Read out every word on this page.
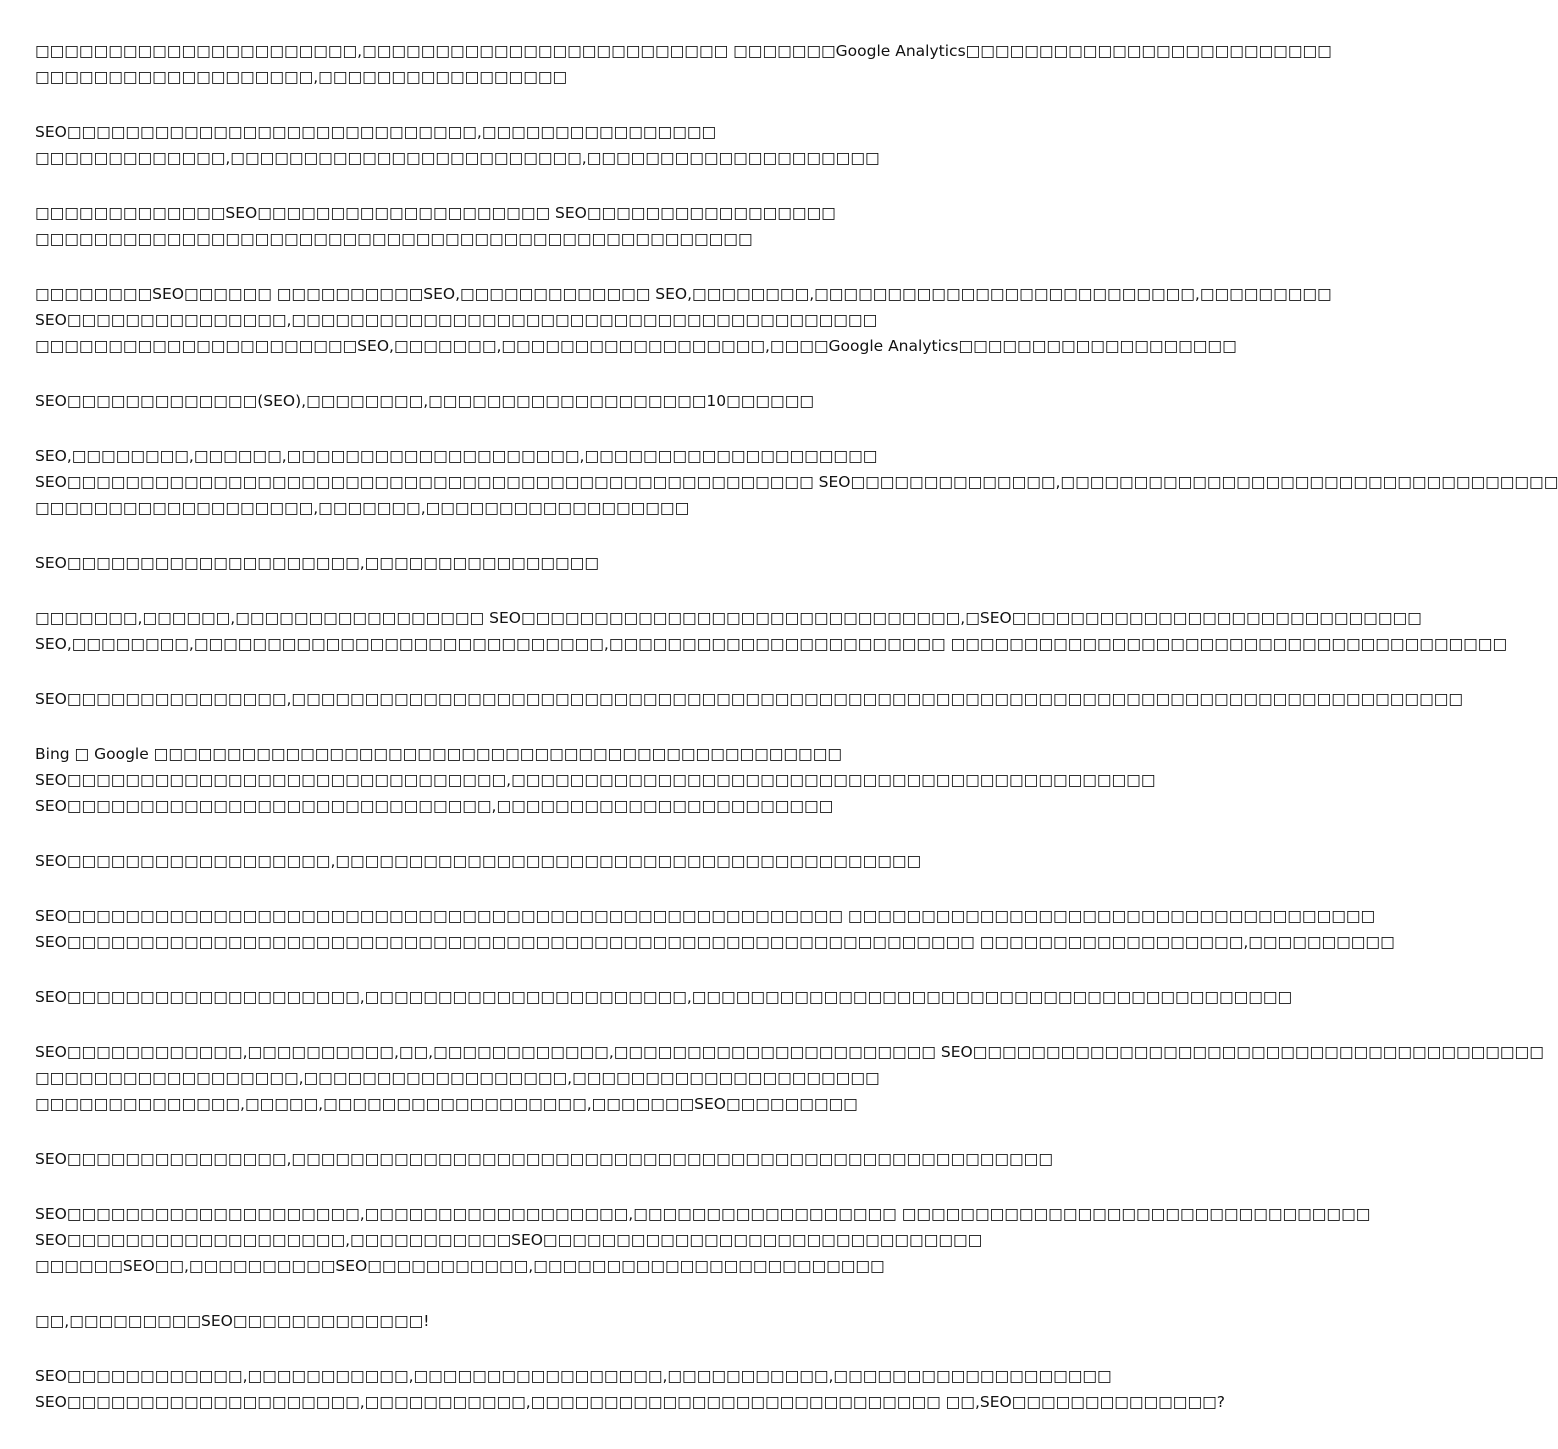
□□□□□□□□□□□□□□□□□□□□□□,□□□□□□□□□□□□□□□□□□□□□□□□□ □□□□□□□Google Analytics□□□□□□□□□□□□□□□□□□□□□□□□□
□□□□□□□□□□□□□□□□□□□,□□□□□□□□□□□□□□□□□

SEO□□□□□□□□□□□□□□□□□□□□□□□□□□□□,□□□□□□□□□□□□□□□□
□□□□□□□□□□□□□,□□□□□□□□□□□□□□□□□□□□□□□□,□□□□□□□□□□□□□□□□□□□□

□□□□□□□□□□□□□SEO□□□□□□□□□□□□□□□□□□□□ SEO□□□□□□□□□□□□□□□□□
□□□□□□□□□□□□□□□□□□□□□□□□□□□□□□□□□□□□□□□□□□□□□□□□□

□□□□□□□□SEO□□□□□□ □□□□□□□□□□SEO,□□□□□□□□□□□□□ SEO,□□□□□□□□,□□□□□□□□□□□□□□□□□□□□□□□□□□,□□□□□□□□□
SEO□□□□□□□□□□□□□□□,□□□□□□□□□□□□□□□□□□□□□□□□□□□□□□□□□□□□□□□□
□□□□□□□□□□□□□□□□□□□□□□SEO,□□□□□□□,□□□□□□□□□□□□□□□□□□,□□□□Google Analytics□□□□□□□□□□□□□□□□□□□

SEO□□□□□□□□□□□□□(SEO),□□□□□□□□,□□□□□□□□□□□□□□□□□□□10□□□□□□

SEO,□□□□□□□□,□□□□□□,□□□□□□□□□□□□□□□□□□□□,□□□□□□□□□□□□□□□□□□□□
SEO□□□□□□□□□□□□□□□□□□□□□□□□□□□□□□□□□□□□□□□□□□□□□□□□□□□ SEO□□□□□□□□□□□□□□,□□□□□□□□□□□□□□□□□□□□□□□□□□□□□□□□□□
□□□□□□□□□□□□□□□□□□□,□□□□□□□,□□□□□□□□□□□□□□□□□□

SEO□□□□□□□□□□□□□□□□□□□□,□□□□□□□□□□□□□□□□

□□□□□□□,□□□□□□,□□□□□□□□□□□□□□□□□ SEO□□□□□□□□□□□□□□□□□□□□□□□□□□□□□□,□SEO□□□□□□□□□□□□□□□□□□□□□□□□□□□□
SEO,□□□□□□□□,□□□□□□□□□□□□□□□□□□□□□□□□□□□□,□□□□□□□□□□□□□□□□□□□□□□□ □□□□□□□□□□□□□□□□□□□□□□□□□□□□□□□□□□□□□□

SEO□□□□□□□□□□□□□□□,□□□□□□□□□□□□□□□□□□□□□□□□□□□□□□□□□□□□□□□□□□□□□□□□□□□□□□□□□□□□□□□□□□□□□□□□□□□□□□□□

Bing □ Google □□□□□□□□□□□□□□□□□□□□□□□□□□□□□□□□□□□□□□□□□□□□□□□
SEO□□□□□□□□□□□□□□□□□□□□□□□□□□□□□□,□□□□□□□□□□□□□□□□□□□□□□□□□□□□□□□□□□□□□□□□□□□□
SEO□□□□□□□□□□□□□□□□□□□□□□□□□□□□□,□□□□□□□□□□□□□□□□□□□□□□□

SEO□□□□□□□□□□□□□□□□□□,□□□□□□□□□□□□□□□□□□□□□□□□□□□□□□□□□□□□□□□□

SEO□□□□□□□□□□□□□□□□□□□□□□□□□□□□□□□□□□□□□□□□□□□□□□□□□□□□□ □□□□□□□□□□□□□□□□□□□□□□□□□□□□□□□□□□□□
SEO□□□□□□□□□□□□□□□□□□□□□□□□□□□□□□□□□□□□□□□□□□□□□□□□□□□□□□□□□□□□□□ □□□□□□□□□□□□□□□□□□,□□□□□□□□□□

SEO□□□□□□□□□□□□□□□□□□□□,□□□□□□□□□□□□□□□□□□□□□□,□□□□□□□□□□□□□□□□□□□□□□□□□□□□□□□□□□□□□□□□□

SEO□□□□□□□□□□□□,□□□□□□□□□□,□□,□□□□□□□□□□□□,□□□□□□□□□□□□□□□□□□□□□□ SEO□□□□□□□□□□□□□□□□□□□□□□□□□□□□□□□□□□□□□□□
□□□□□□□□□□□□□□□□□□,□□□□□□□□□□□□□□□□□□,□□□□□□□□□□□□□□□□□□□□□
□□□□□□□□□□□□□□,□□□□□,□□□□□□□□□□□□□□□□□□,□□□□□□□SEO□□□□□□□□□

SEO□□□□□□□□□□□□□□□,□□□□□□□□□□□□□□□□□□□□□□□□□□□□□□□□□□□□□□□□□□□□□□□□□□□□

SEO□□□□□□□□□□□□□□□□□□□□,□□□□□□□□□□□□□□□□□□,□□□□□□□□□□□□□□□□□□ □□□□□□□□□□□□□□□□□□□□□□□□□□□□□□□□
SEO□□□□□□□□□□□□□□□□□□□,□□□□□□□□□□□SEO□□□□□□□□□□□□□□□□□□□□□□□□□□□□□□
□□□□□□SEO□□,□□□□□□□□□□SEO□□□□□□□□□□□,□□□□□□□□□□□□□□□□□□□□□□□□

□□,□□□□□□□□□SEO□□□□□□□□□□□□□!

SEO□□□□□□□□□□□□,□□□□□□□□□□□,□□□□□□□□□□□□□□□□□,□□□□□□□□□□□,□□□□□□□□□□□□□□□□□□□
SEO□□□□□□□□□□□□□□□□□□□□,□□□□□□□□□□□,□□□□□□□□□□□□□□□□□□□□□□□□□□□□ □□,SEO□□□□□□□□□□□□□□?
